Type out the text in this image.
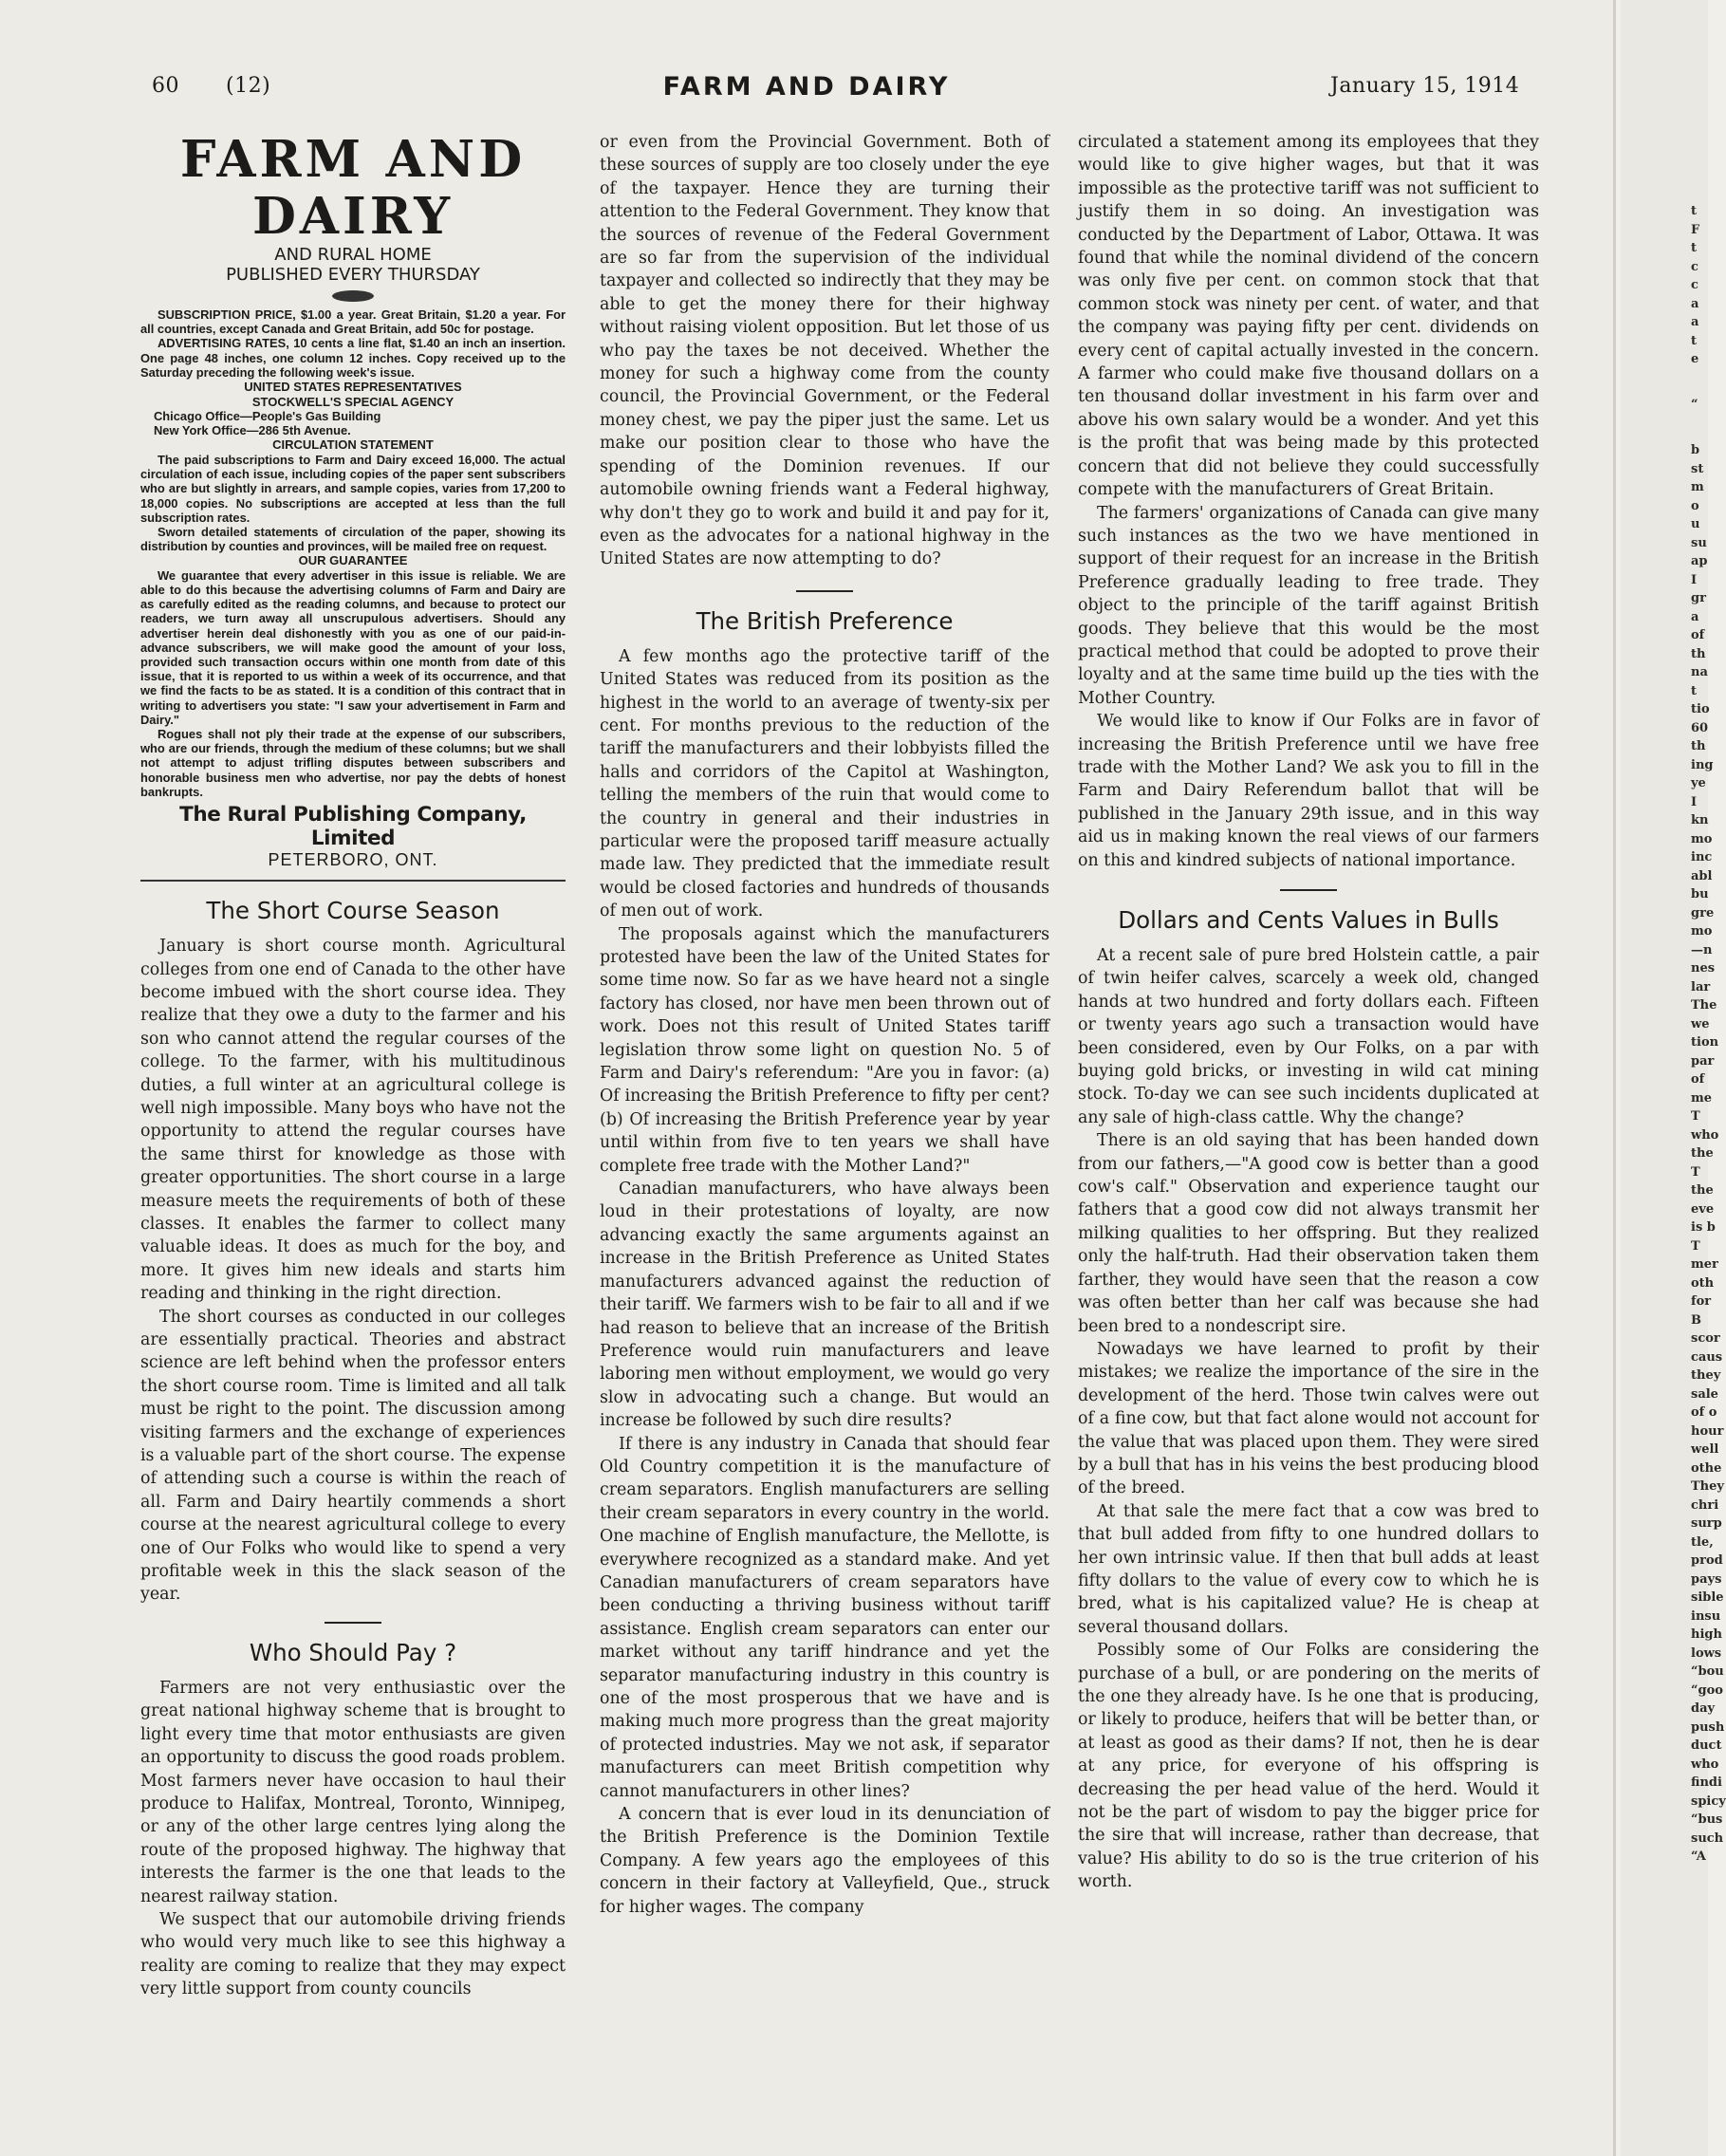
60 (12)	FARM AND DAIRY	January 15, 1914
FARM AND DAIRY
AND RURAL HOME
PUBLISHED EVERY THURSDAY

SUBSCRIPTION PRICE, $1.00 a year. Great Britain, $1.20 a year. For all countries, except Canada and Great Britain, add 50c for postage.

ADVERTISING RATES, 10 cents a line flat, $1.40 an inch an insertion. One page 48 inches, one column 12 inches. Copy received up to the Saturday preceding the following week's issue.

UNITED STATES REPRESENTATIVES
STOCKWELL'S SPECIAL AGENCY

Chicago Office—People's Gas Building

New York Office—286 5th Avenue.

CIRCULATION STATEMENT

The paid subscriptions to Farm and Dairy exceed 16,000. The actual circulation of each issue, including copies of the paper sent subscribers who are but slightly in arrears, and sample copies, varies from 17,200 to 18,000 copies. No subscriptions are accepted at less than the full subscription rates.

Sworn detailed statements of circulation of the paper, showing its distribution by counties and provinces, will be mailed free on request.

OUR GUARANTEE

We guarantee that every advertiser in this issue is reliable. We are able to do this because the advertising columns of Farm and Dairy are as carefully edited as the reading columns, and because to protect our readers, we turn away all unscrupulous advertisers. Should any advertiser herein deal dishonestly with you as one of our paid-in-advance subscribers, we will make good the amount of your loss, provided such transaction occurs within one month from date of this issue, that it is reported to us within a week of its occurrence, and that we find the facts to be as stated. It is a condition of this contract that in writing to advertisers you state: "I saw your advertisement in Farm and Dairy."

Rogues shall not ply their trade at the expense of our subscribers, who are our friends, through the medium of these columns; but we shall not attempt to adjust trifling disputes between subscribers and honorable business men who advertise, nor pay the debts of honest bankrupts.

The Rural Publishing Company, Limited
PETERBORO, ONT.
The Short Course Season

January is short course month. Agricultural colleges from one end of Canada to the other have become imbued with the short course idea. They realize that they owe a duty to the farmer and his son who cannot attend the regular courses of the college. To the farmer, with his multitudinous duties, a full winter at an agricultural college is well nigh impossible. Many boys who have not the opportunity to attend the regular courses have the same thirst for knowledge as those with greater opportunities. The short course in a large measure meets the requirements of both of these classes. It enables the farmer to collect many valuable ideas. It does as much for the boy, and more. It gives him new ideals and starts him reading and thinking in the right direction.

The short courses as conducted in our colleges are essentially practical. Theories and abstract science are left behind when the professor enters the short course room. Time is limited and all talk must be right to the point. The discussion among visiting farmers and the exchange of experiences is a valuable part of the short course. The expense of attending such a course is within the reach of all. Farm and Dairy heartily commends a short course at the nearest agricultural college to every one of Our Folks who would like to spend a very profitable week in this the slack season of the year.

Who Should Pay ?

Farmers are not very enthusiastic over the great national highway scheme that is brought to light every time that motor enthusiasts are given an opportunity to discuss the good roads problem. Most farmers never have occasion to haul their produce to Halifax, Montreal, Toronto, Winnipeg, or any of the other large centres lying along the route of the proposed highway. The highway that interests the farmer is the one that leads to the nearest railway station.

We suspect that our automobile driving friends who would very much like to see this highway a reality are coming to realize that they may expect very little support from county councils

or even from the Provincial Government. Both of these sources of supply are too closely under the eye of the taxpayer. Hence they are turning their attention to the Federal Government. They know that the sources of revenue of the Federal Government are so far from the supervision of the individual taxpayer and collected so indirectly that they may be able to get the money there for their highway without raising violent opposition. But let those of us who pay the taxes be not deceived. Whether the money for such a highway come from the county council, the Provincial Government, or the Federal money chest, we pay the piper just the same. Let us make our position clear to those who have the spending of the Dominion revenues. If our automobile owning friends want a Federal highway, why don't they go to work and build it and pay for it, even as the advocates for a national highway in the United States are now attempting to do?

The British Preference

A few months ago the protective tariff of the United States was reduced from its position as the highest in the world to an average of twenty-six per cent. For months previous to the reduction of the tariff the manufacturers and their lobbyists filled the halls and corridors of the Capitol at Washington, telling the members of the ruin that would come to the country in general and their industries in particular were the proposed tariff measure actually made law. They predicted that the immediate result would be closed factories and hundreds of thousands of men out of work.

The proposals against which the manufacturers protested have been the law of the United States for some time now. So far as we have heard not a single factory has closed, nor have men been thrown out of work. Does not this result of United States tariff legislation throw some light on question No. 5 of Farm and Dairy's referendum: "Are you in favor: (a) Of increasing the British Preference to fifty per cent? (b) Of increasing the British Preference year by year until within from five to ten years we shall have complete free trade with the Mother Land?"

Canadian manufacturers, who have always been loud in their protestations of loyalty, are now advancing exactly the same arguments against an increase in the British Preference as United States manufacturers advanced against the reduction of their tariff. We farmers wish to be fair to all and if we had reason to believe that an increase of the British Preference would ruin manufacturers and leave laboring men without employment, we would go very slow in advocating such a change. But would an increase be followed by such dire results?

If there is any industry in Canada that should fear Old Country competition it is the manufacture of cream separators. English manufacturers are selling their cream separators in every country in the world. One machine of English manufacture, the Mellotte, is everywhere recognized as a standard make. And yet Canadian manufacturers of cream separators have been conducting a thriving business without tariff assistance. English cream separators can enter our market without any tariff hindrance and yet the separator manufacturing industry in this country is one of the most prosperous that we have and is making much more progress than the great majority of protected industries. May we not ask, if separator manufacturers can meet British competition why cannot manufacturers in other lines?

A concern that is ever loud in its denunciation of the British Preference is the Dominion Textile Company. A few years ago the employees of this concern in their factory at Valleyfield, Que., struck for higher wages. The company

circulated a statement among its employees that they would like to give higher wages, but that it was impossible as the protective tariff was not sufficient to justify them in so doing. An investigation was conducted by the Department of Labor, Ottawa. It was found that while the nominal dividend of the concern was only five per cent. on common stock that that common stock was ninety per cent. of water, and that the company was paying fifty per cent. dividends on every cent of capital actually invested in the concern. A farmer who could make five thousand dollars on a ten thousand dollar investment in his farm over and above his own salary would be a wonder. And yet this is the profit that was being made by this protected concern that did not believe they could successfully compete with the manufacturers of Great Britain.

The farmers' organizations of Canada can give many such instances as the two we have mentioned in support of their request for an increase in the British Preference gradually leading to free trade. They object to the principle of the tariff against British goods. They believe that this would be the most practical method that could be adopted to prove their loyalty and at the same time build up the ties with the Mother Country.

We would like to know if Our Folks are in favor of increasing the British Preference until we have free trade with the Mother Land? We ask you to fill in the Farm and Dairy Referendum ballot that will be published in the January 29th issue, and in this way aid us in making known the real views of our farmers on this and kindred subjects of national importance.

Dollars and Cents Values in Bulls

At a recent sale of pure bred Holstein cattle, a pair of twin heifer calves, scarcely a week old, changed hands at two hundred and forty dollars each. Fifteen or twenty years ago such a transaction would have been considered, even by Our Folks, on a par with buying gold bricks, or investing in wild cat mining stock. To-day we can see such incidents duplicated at any sale of high-class cattle. Why the change?

There is an old saying that has been handed down from our fathers,—"A good cow is better than a good cow's calf." Observation and experience taught our fathers that a good cow did not always transmit her milking qualities to her offspring. But they realized only the half-truth. Had their observation taken them farther, they would have seen that the reason a cow was often better than her calf was because she had been bred to a nondescript sire.

Nowadays we have learned to profit by their mistakes; we realize the importance of the sire in the development of the herd. Those twin calves were out of a fine cow, but that fact alone would not account for the value that was placed upon them. They were sired by a bull that has in his veins the best producing blood of the breed.

At that sale the mere fact that a cow was bred to that bull added from fifty to one hundred dollars to her own intrinsic value. If then that bull adds at least fifty dollars to the value of every cow to which he is bred, what is his capitalized value? He is cheap at several thousand dollars.

Possibly some of Our Folks are considering the purchase of a bull, or are pondering on the merits of the one they already have. Is he one that is producing, or likely to produce, heifers that will be better than, or at least as good as their dams? If not, then he is dear at any price, for everyone of his offspring is decreasing the per head value of the herd. Would it not be the part of wisdom to pay the bigger price for the sire that will increase, rather than decrease, that value? His ability to do so is the true criterion of his worth.

t
F
t
c
c
a
a
t
e
“
b
st
m
o
u
su
ap
I
gr
a
of
th
na
t
tio
60
th
ing
ye
I
kn
mo
inc
abl
bu
gre
mo
—n
nes
lar
The
we
tion
par
of
me
T
who
the
T
the
eve
is b
T
mer
oth
for
B
scor
caus
they
sale
of o
hour
well
othe
They
chri
surp
tle,
prod
pays
sible
insu
high
lows
“bou
“goo
day
push
duct
who
findi
spicy
“bus
such
“A
